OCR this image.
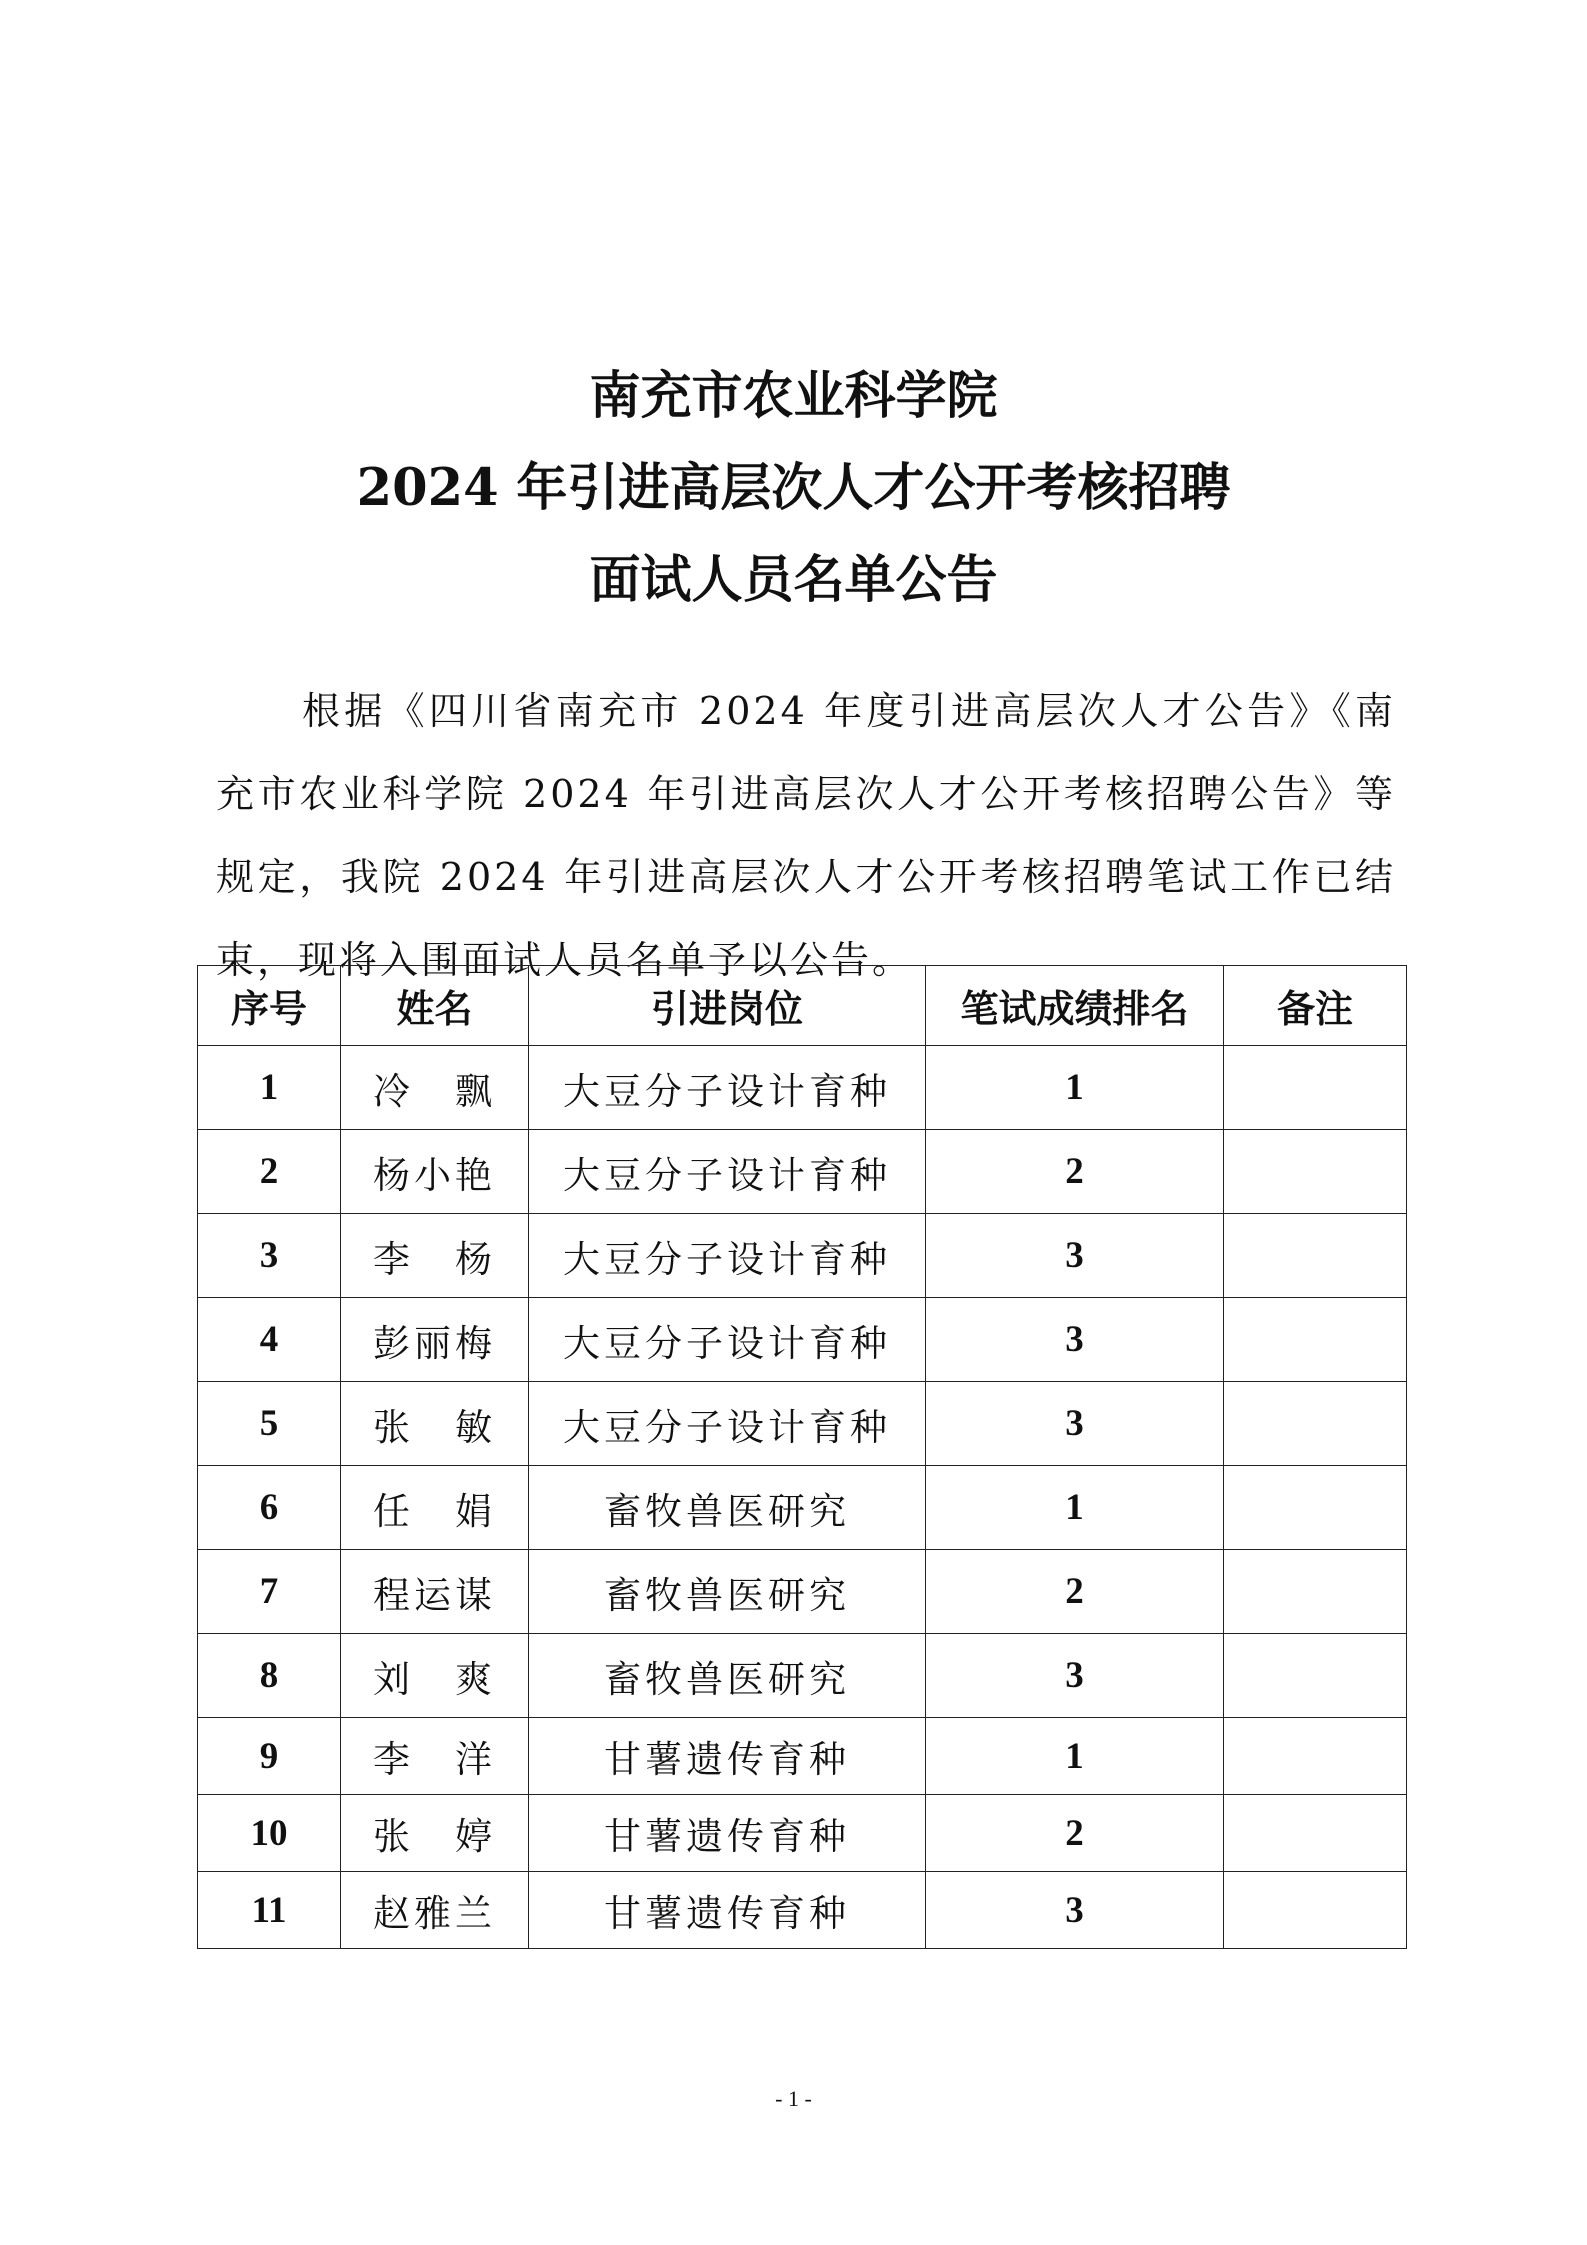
南充市农业科学院
2024 年引进高层次人才公开考核招聘
面试人员名单公告

根据《四川省南充市 2024 年度引进高层次人才公告》《南充市农业科学院 2024 年引进高层次人才公开考核招聘公告》等规定，我院 2024 年引进高层次人才公开考核招聘笔试工作已结束，现将入围面试人员名单予以公告。

序号	姓名	引进岗位	笔试成绩排名	备注
1	冷　飘	大豆分子设计育种	1	
2	杨小艳	大豆分子设计育种	2	
3	李　杨	大豆分子设计育种	3	
4	彭丽梅	大豆分子设计育种	3	
5	张　敏	大豆分子设计育种	3	
6	任　娟	畜牧兽医研究	1	
7	程运谋	畜牧兽医研究	2	
8	刘　爽	畜牧兽医研究	3	
9	李　洋	甘薯遗传育种	1	
10	张　婷	甘薯遗传育种	2	
11	赵雅兰	甘薯遗传育种	3	
- 1 -
